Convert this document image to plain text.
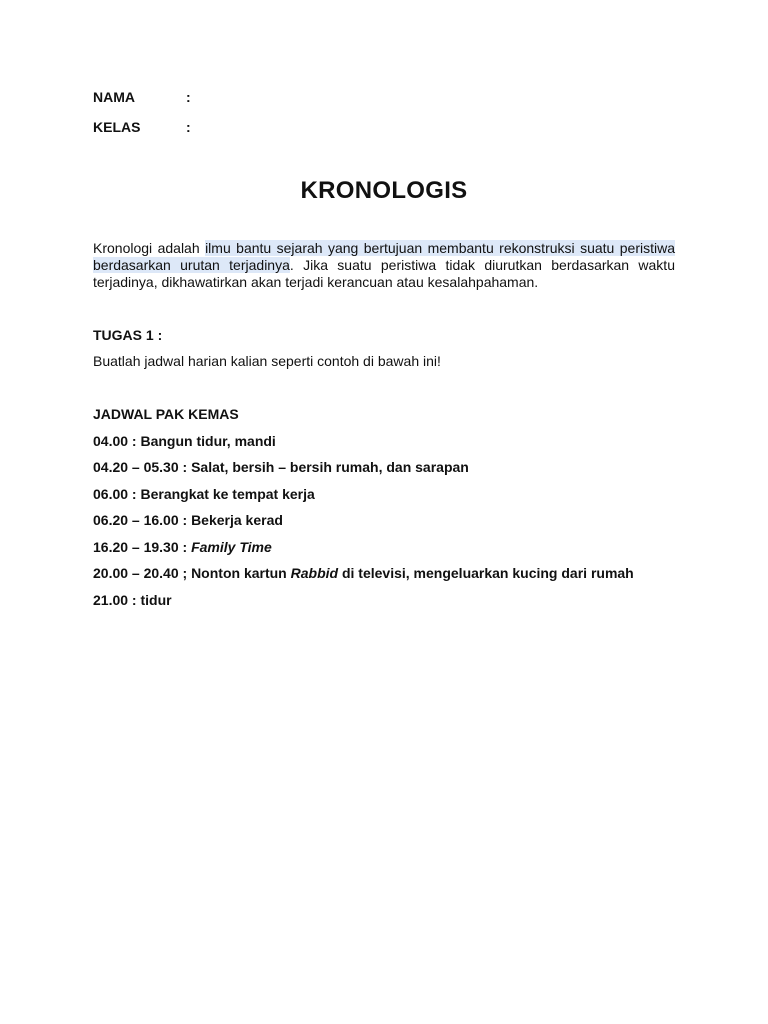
NAMA	:
KELAS	:
KRONOLOGIS

Kronologi adalah ilmu bantu sejarah yang bertujuan membantu rekonstruksi suatu peristiwa berdasarkan urutan terjadinya. Jika suatu peristiwa tidak diurutkan berdasarkan waktu terjadinya, dikhawatirkan akan terjadi kerancuan atau kesalahpahaman.

TUGAS 1 :
Buatlah jadwal harian kalian seperti contoh di bawah ini!
JADWAL PAK KEMAS
04.00 : Bangun tidur, mandi
04.20 – 05.30 : Salat, bersih – bersih rumah, dan sarapan
06.00 : Berangkat ke tempat kerja
06.20 – 16.00 : Bekerja kerad
16.20 – 19.30 : Family Time
20.00 – 20.40 ; Nonton kartun Rabbid di televisi, mengeluarkan kucing dari rumah
21.00 : tidur
